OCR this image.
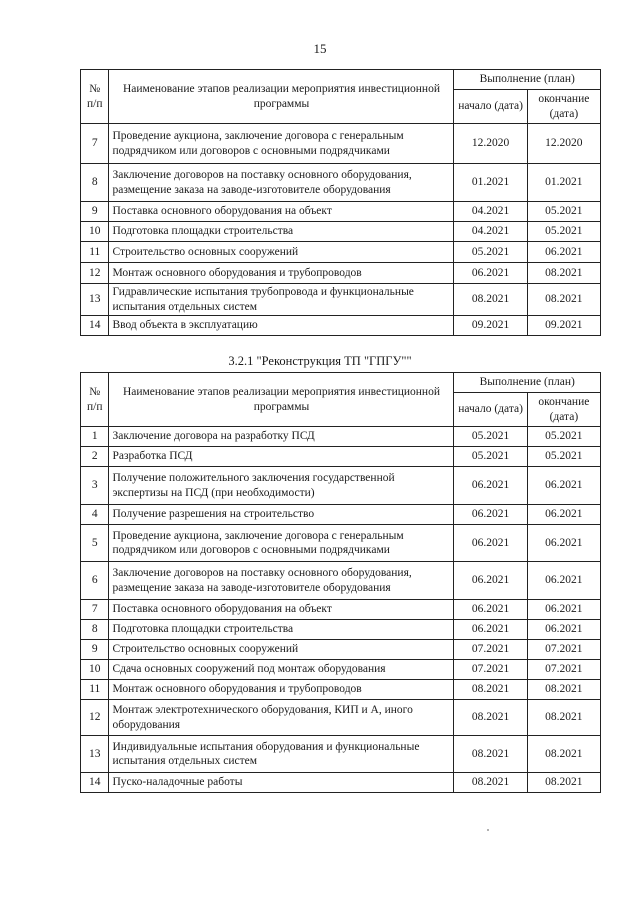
15
№ п/п	Наименование этапов реализации мероприятия инвестиционной программы	Выполнение (план)	
		начало (дата)	окончание (дата)
7	Проведение аукциона, заключение договора с генеральным подрядчиком или договоров с основными подрядчиками	12.2020	12.2020
8	Заключение договоров на поставку основного оборудования, размещение заказа на заводе-изготовителе оборудования	01.2021	01.2021
9	Поставка основного оборудования на объект	04.2021	05.2021
10	Подготовка площадки строительства	04.2021	05.2021
11	Строительство основных сооружений	05.2021	06.2021
12	Монтаж основного оборудования и трубопроводов	06.2021	08.2021
13	Гидравлические испытания трубопровода и функциональные испытания отдельных систем	08.2021	08.2021
14	Ввод объекта в эксплуатацию	09.2021	09.2021
3.2.1 "Реконструкция ТП "ГПГУ""
№ п/п	Наименование этапов реализации мероприятия инвестиционной программы	Выполнение (план)	
		начало (дата)	окончание (дата)
1	Заключение договора на разработку ПСД	05.2021	05.2021
2	Разработка ПСД	05.2021	05.2021
3	Получение положительного заключения государственной экспертизы на ПСД (при необходимости)	06.2021	06.2021
4	Получение разрешения на строительство	06.2021	06.2021
5	Проведение аукциона, заключение договора с генеральным подрядчиком или договоров с основными подрядчиками	06.2021	06.2021
6	Заключение договоров на поставку основного оборудования, размещение заказа на заводе-изготовителе оборудования	06.2021	06.2021
7	Поставка основного оборудования на объект	06.2021	06.2021
8	Подготовка площадки строительства	06.2021	06.2021
9	Строительство основных сооружений	07.2021	07.2021
10	Сдача основных сооружений под монтаж оборудования	07.2021	07.2021
11	Монтаж основного оборудования и трубопроводов	08.2021	08.2021
12	Монтаж электротехнического оборудования, КИП и А, иного оборудования	08.2021	08.2021
13	Индивидуальные испытания оборудования и функциональные испытания отдельных систем	08.2021	08.2021
14	Пуско-наладочные работы	08.2021	08.2021
